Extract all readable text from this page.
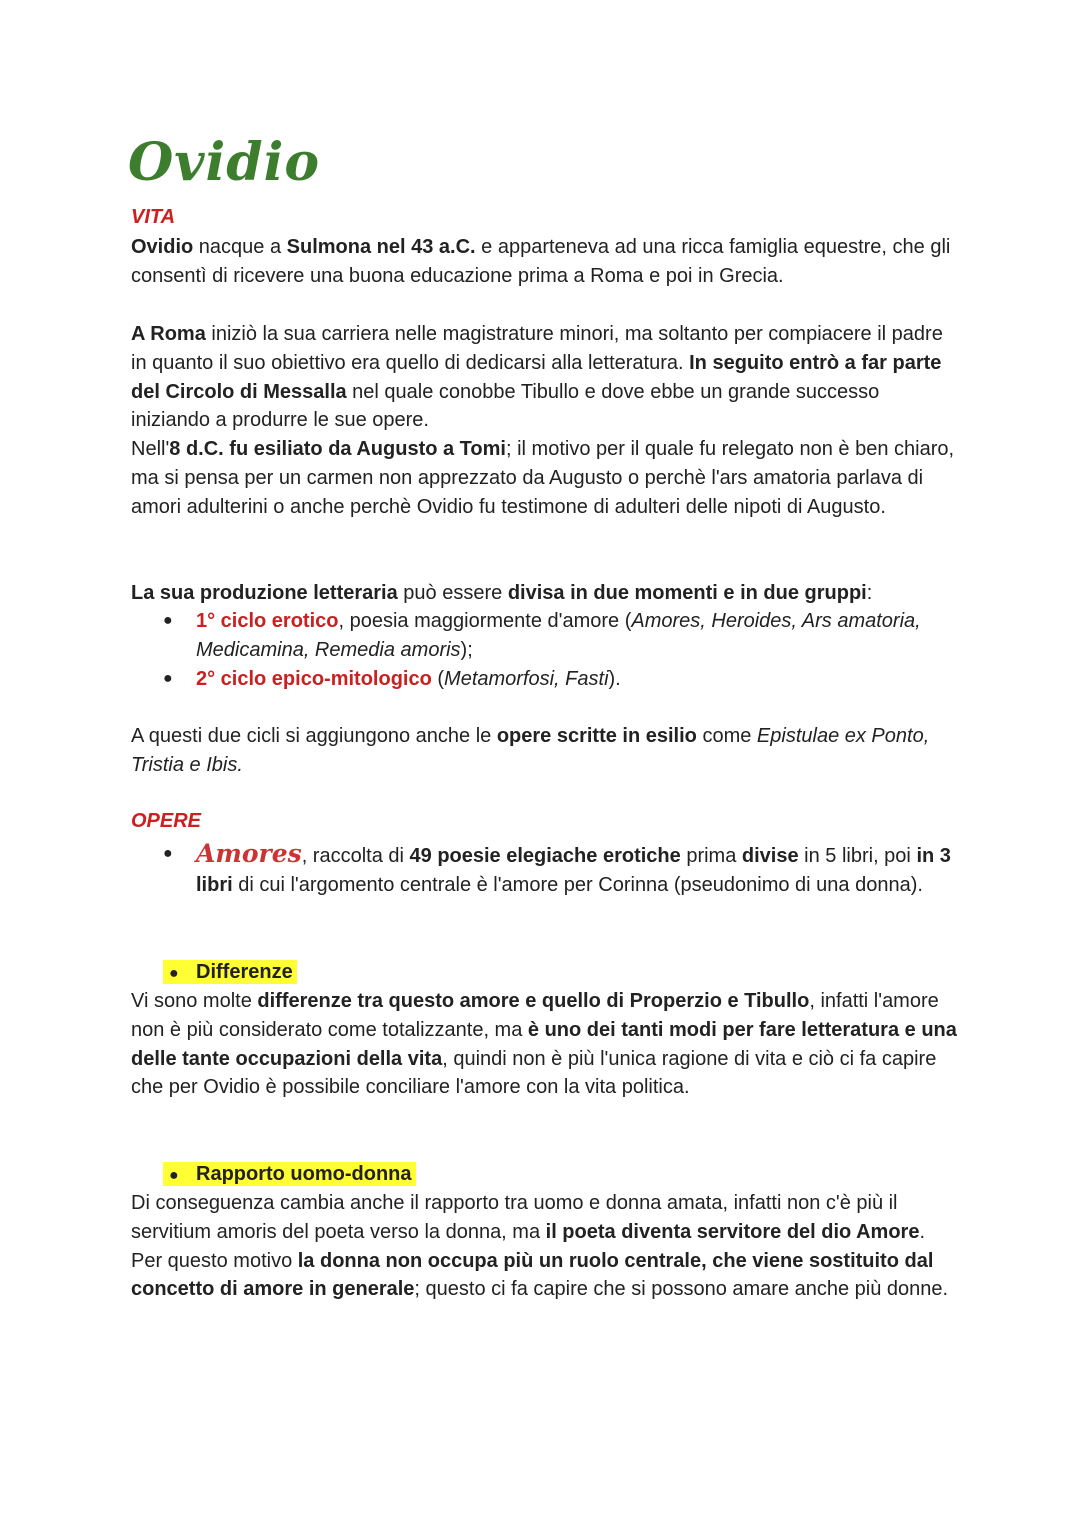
Ovidio

VITA

Ovidio nacque a Sulmona nel 43 a.C. e apparteneva ad una ricca famiglia equestre, che gli consentì di ricevere una buona educazione prima a Roma e poi in Grecia.

A Roma iniziò la sua carriera nelle magistrature minori, ma soltanto per compiacere il padre in quanto il suo obiettivo era quello di dedicarsi alla letteratura. In seguito entrò a far parte del Circolo di Messalla nel quale conobbe Tibullo e dove ebbe un grande successo iniziando a produrre le sue opere.

Nell'8 d.C. fu esiliato da Augusto a Tomi; il motivo per il quale fu relegato non è ben chiaro, ma si pensa per un carmen non apprezzato da Augusto o perchè l'ars amatoria parlava di amori adulterini o anche perchè Ovidio fu testimone di adulteri delle nipoti di Augusto.

La sua produzione letteraria può essere divisa in due momenti e in due gruppi:

● 1° ciclo erotico, poesia maggiormente d'amore (Amores, Heroides, Ars amatoria, Medicamina, Remedia amoris);
● 2° ciclo epico-mitologico (Metamorfosi, Fasti).

A questi due cicli si aggiungono anche le opere scritte in esilio come Epistulae ex Ponto, Tristia e Ibis.

OPERE

● Amores, raccolta di 49 poesie elegiache erotiche prima divise in 5 libri, poi in 3 libri di cui l'argomento centrale è l'amore per Corinna (pseudonimo di una donna).

● Differenze

Vi sono molte differenze tra questo amore e quello di Properzio e Tibullo, infatti l'amore non è più considerato come totalizzante, ma è uno dei tanti modi per fare letteratura e una delle tante occupazioni della vita, quindi non è più l'unica ragione di vita e ciò ci fa capire che per Ovidio è possibile conciliare l'amore con la vita politica.

● Rapporto uomo-donna

Di conseguenza cambia anche il rapporto tra uomo e donna amata, infatti non c'è più il servitium amoris del poeta verso la donna, ma il poeta diventa servitore del dio Amore. Per questo motivo la donna non occupa più un ruolo centrale, che viene sostituito dal concetto di amore in generale; questo ci fa capire che si possono amare anche più donne.
